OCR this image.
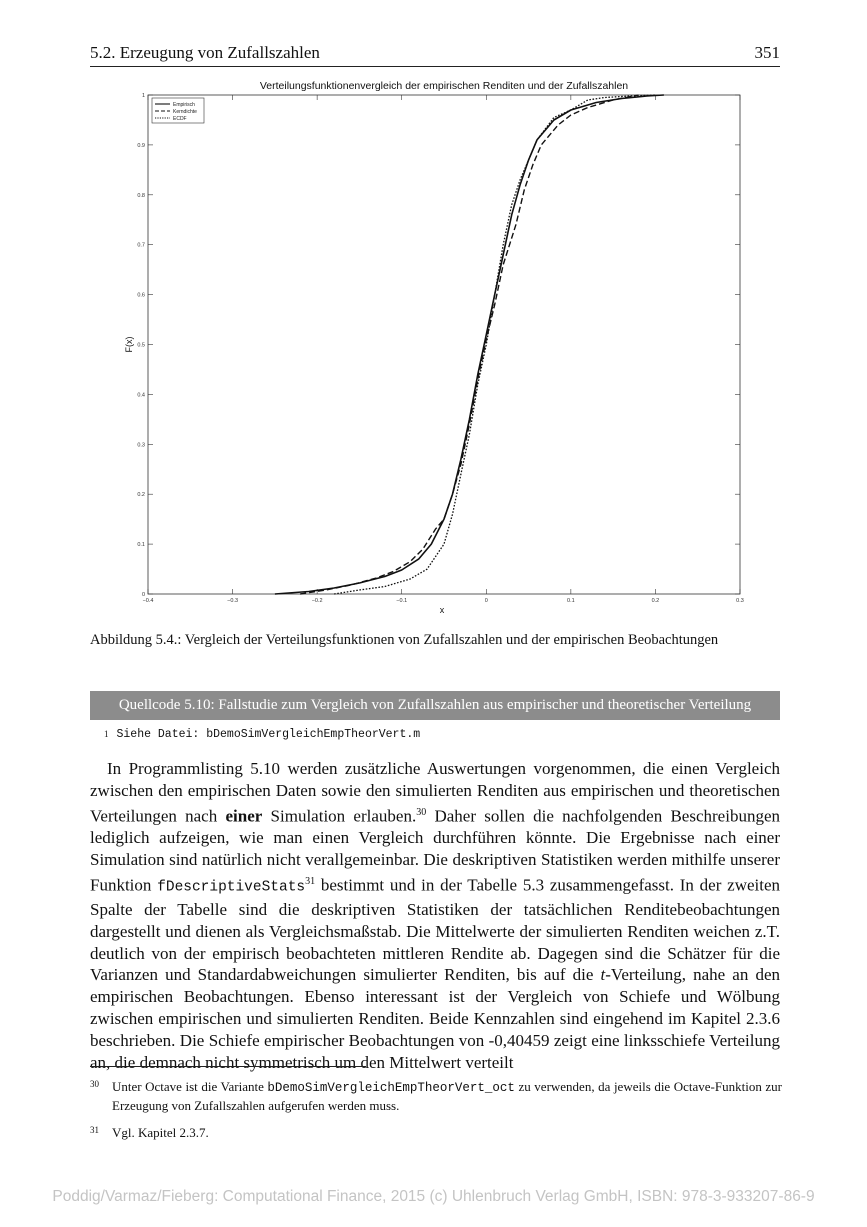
5.2. Erzeugung von Zufallszahlen	351
Verteilungsfunktionenvergleich der empirischen Renditen und der Zufallszahlen
−0.4	−0.3	−0.2	−0.1	0	0.1	0.2	0.3
0
0.1
0.2
0.3
0.4
0.5
0.6
0.7
0.8
0.9
1
x
F(x)
Empirisch
Kerndichte
ECDF
Abbildung 5.4.: Vergleich der Verteilungsfunktionen von Zufallszahlen und der empirischen Beobachtungen
Quellcode 5.10: Fallstudie zum Vergleich von Zufallszahlen aus empirischer und theoretischer Verteilung
1 Siehe Datei: bDemoSimVergleichEmpTheorVert.m

In Programmlisting 5.10 werden zusätzliche Auswertungen vorgenommen, die einen Vergleich zwischen den empirischen Daten sowie den simulierten Renditen aus empirischen und theoretischen Verteilungen nach einer Simulation erlauben.$^{30}$ Daher sollen die nachfolgenden Beschreibungen lediglich aufzeigen, wie man einen Vergleich durchführen könnte. Die Ergebnisse nach einer Simulation sind natürlich nicht verallgemeinbar. Die deskriptiven Statistiken werden mithilfe unserer Funktion fDescriptiveStats$^{31}$ bestimmt und in der Tabelle 5.3 zusammengefasst. In der zweiten Spalte der Tabelle sind die deskriptiven Statistiken der tatsächlichen Renditebeobachtungen dargestellt und dienen als Vergleichsmaßstab. Die Mittelwerte der simulierten Renditen weichen z.T. deutlich von der empirisch beobachteten mittleren Rendite ab. Dagegen sind die Schätzer für die Varianzen und Standardabweichungen simulierter Renditen, bis auf die t-Verteilung, nahe an den empirischen Beobachtungen. Ebenso interessant ist der Vergleich von Schiefe und Wölbung zwischen empirischen und simulierten Renditen. Beide Kennzahlen sind eingehend im Kapitel 2.3.6 beschrieben. Die Schiefe empirischer Beobachtungen von -0,40459 zeigt eine linksschiefe Verteilung an, die demnach nicht symmetrisch um den Mittelwert verteilt

30 Unter Octave ist die Variante bDemoSimVergleichEmpTheorVert_oct zu verwenden, da jeweils die Octave-Funktion zur Erzeugung von Zufallszahlen aufgerufen werden muss.
31 Vgl. Kapitel 2.3.7.
Poddig/Varmaz/Fieberg: Computational Finance, 2015 (c) Uhlenbruch Verlag GmbH, ISBN: 978-3-933207-86-9
